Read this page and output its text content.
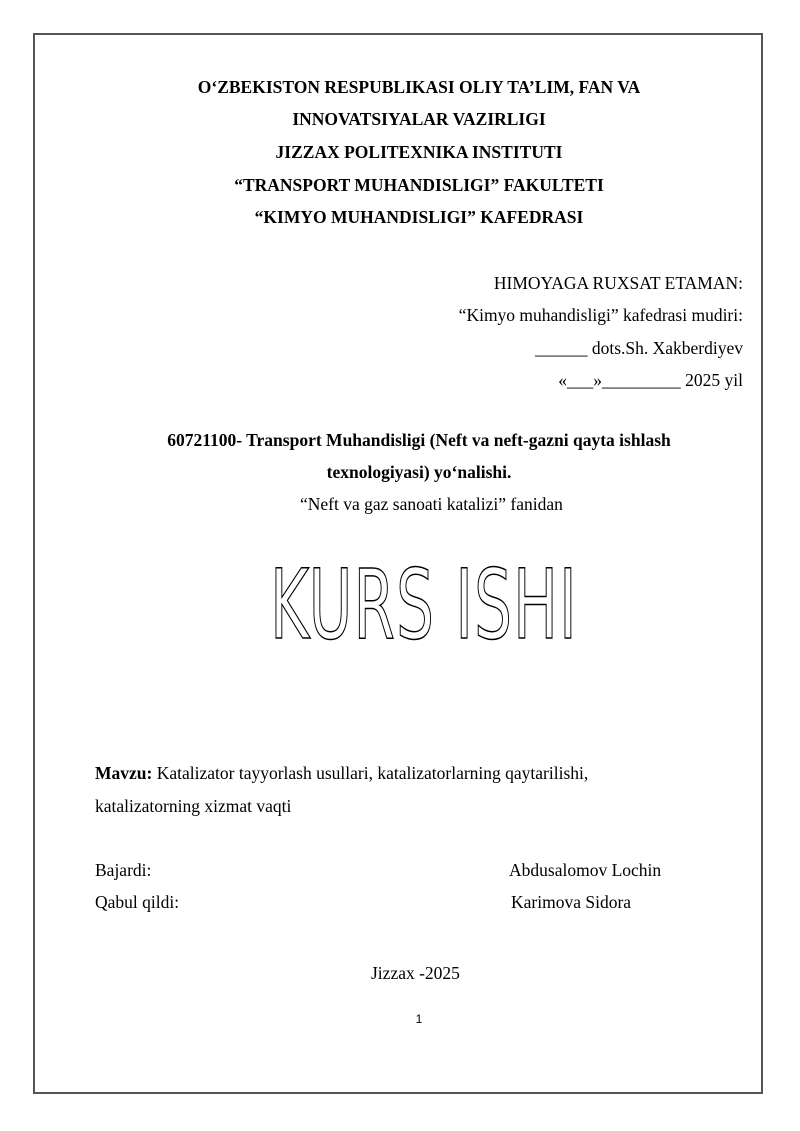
O‘ZBEKISTON RESPUBLIKASI OLIY TA’LIM, FAN VA
INNOVATSIYALAR VAZIRLIGI
JIZZAX POLITEXNIKA INSTITUTI
“TRANSPORT MUHANDISLIGI” FAKULTETI
“KIMYO MUHANDISLIGI” KAFEDRASI
HIMOYAGA RUXSAT ETAMAN:
“Kimyo muhandisligi” kafedrasi mudiri:
______ dots.Sh. Xakberdiyev
«___»_________ 2025 yil
60721100- Transport Muhandisligi (Neft va neft-gazni qayta ishlash
texnologiyasi) yo‘nalishi.
“Neft va gaz sanoati katalizi” fanidan
KURS ISHI
Mavzu: Katalizator tayyorlash usullari, katalizatorlarning qaytarilishi,
katalizatorning xizmat vaqti
Bajardi:	Abdusalomov Lochin
Qabul qildi:	Karimova Sidora
Jizzax -2025
1
